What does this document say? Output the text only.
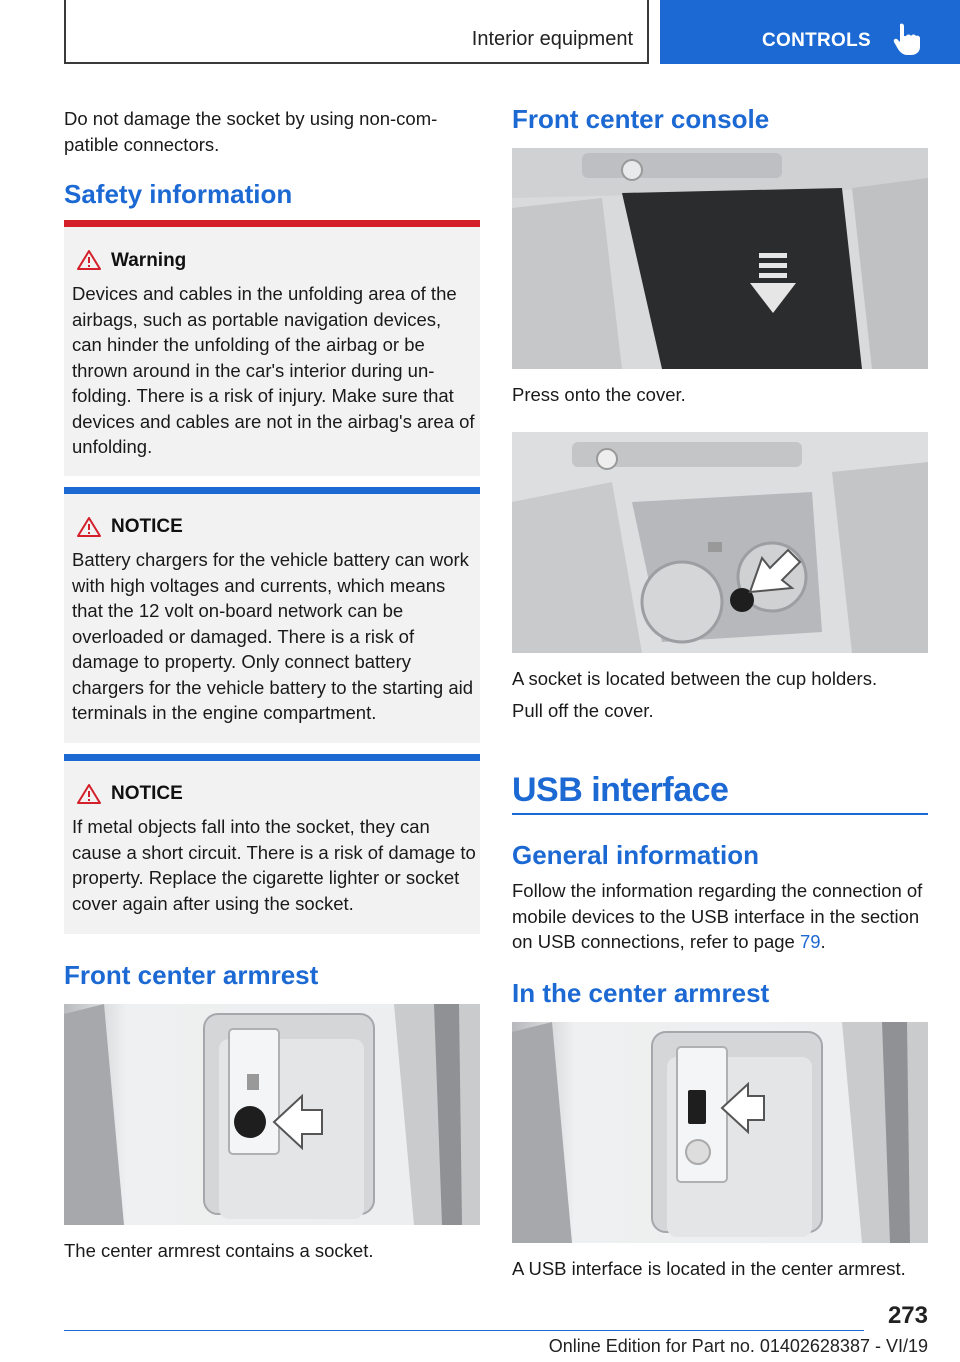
Interior equipment	CONTROLS
Do not damage the socket by using non-com-patible connectors.
Safety information
Warning
Devices and cables in the unfolding area of the airbags, such as portable navigation devices, can hinder the unfolding of the airbag or be thrown around in the car's interior during un-folding. There is a risk of injury. Make sure that devices and cables are not in the airbag's area of unfolding.
NOTICE
Battery chargers for the vehicle battery can work with high voltages and currents, which means that the 12 volt on-board network can be overloaded or damaged. There is a risk of damage to property. Only connect battery chargers for the vehicle battery to the starting aid terminals in the engine compartment.
NOTICE
If metal objects fall into the socket, they can cause a short circuit. There is a risk of damage to property. Replace the cigarette lighter or socket cover again after using the socket.
Front center armrest
The center armrest contains a socket.
Front center console
Press onto the cover.
A socket is located between the cup holders.
Pull off the cover.
USB interface
General information
Follow the information regarding the connection of mobile devices to the USB interface in the section on USB connections, refer to page 79.
In the center armrest
A USB interface is located in the center armrest.
273
Online Edition for Part no. 01402628387 - VI/19
